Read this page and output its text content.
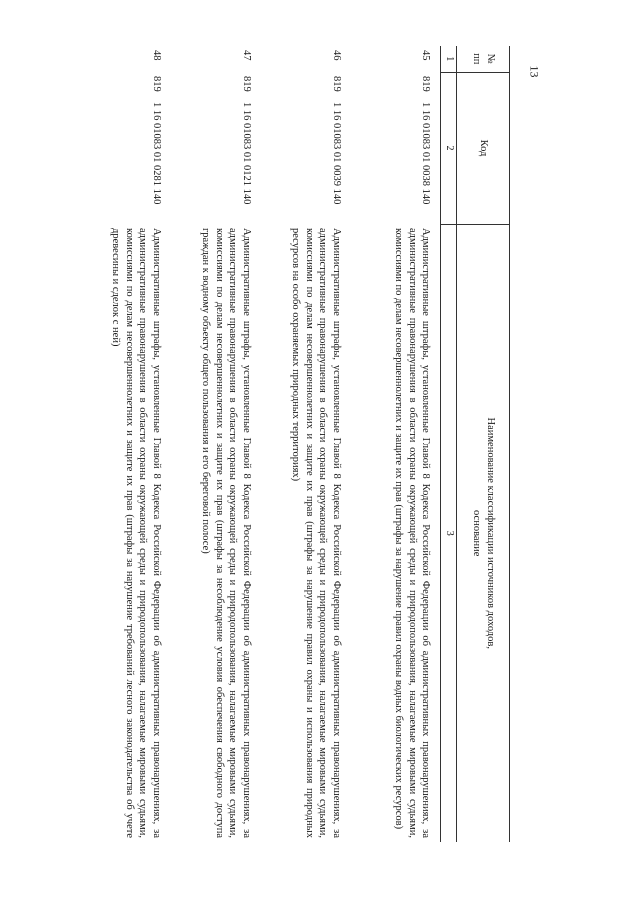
13
№
пп	Код	Наименование классификации источников доходов,
основание

1	2	3
45	8191 16 01083 01 0038 140	Административные штрафы, установленные Главой 8 Кодекса Российской Федерации об административных правонарушениях, за административные правонарушения в области охраны окружающей среды и природопользования, налагаемые мировыми судьями, комиссиями по делам несовершеннолетних и защите их прав (штрафы за нарушение правил охраны водных биологических ресурсов)
46	8191 16 01083 01 0039 140	Административные штрафы, установленные Главой 8 Кодекса Российской Федерации об административных правонарушениях, за административные правонарушения в области охраны окружающей среды и природопользования, налагаемые мировыми судьями, комиссиями по делам несовершеннолетних и защите их прав (штрафы за нарушение правил охраны и использования природных ресурсов на особо охраняемых природных территориях)
47	8191 16 01083 01 0121 140	Административные штрафы, установленные Главой 8 Кодекса Российской Федерации об административных правонарушениях, за административные правонарушения в области охраны окружающей среды и природопользования, налагаемые мировыми судьями, комиссиями по делам несовершеннолетних и защите их прав (штрафы за несоблюдение условия обеспечения свободного доступа граждан к водному объекту общего пользования и его береговой полосе)
48	8191 16 01083 01 0281 140	Административные штрафы, установленные Главой 8 Кодекса Российской Федерации об административных правонарушениях, за административные правонарушения в области охраны окружающей среды и природопользования, налагаемые мировыми судьями, комиссиями по делам несовершеннолетних и защите их прав (штрафы за нарушение требований лесного законодательства об учете древесины и сделок с ней)
